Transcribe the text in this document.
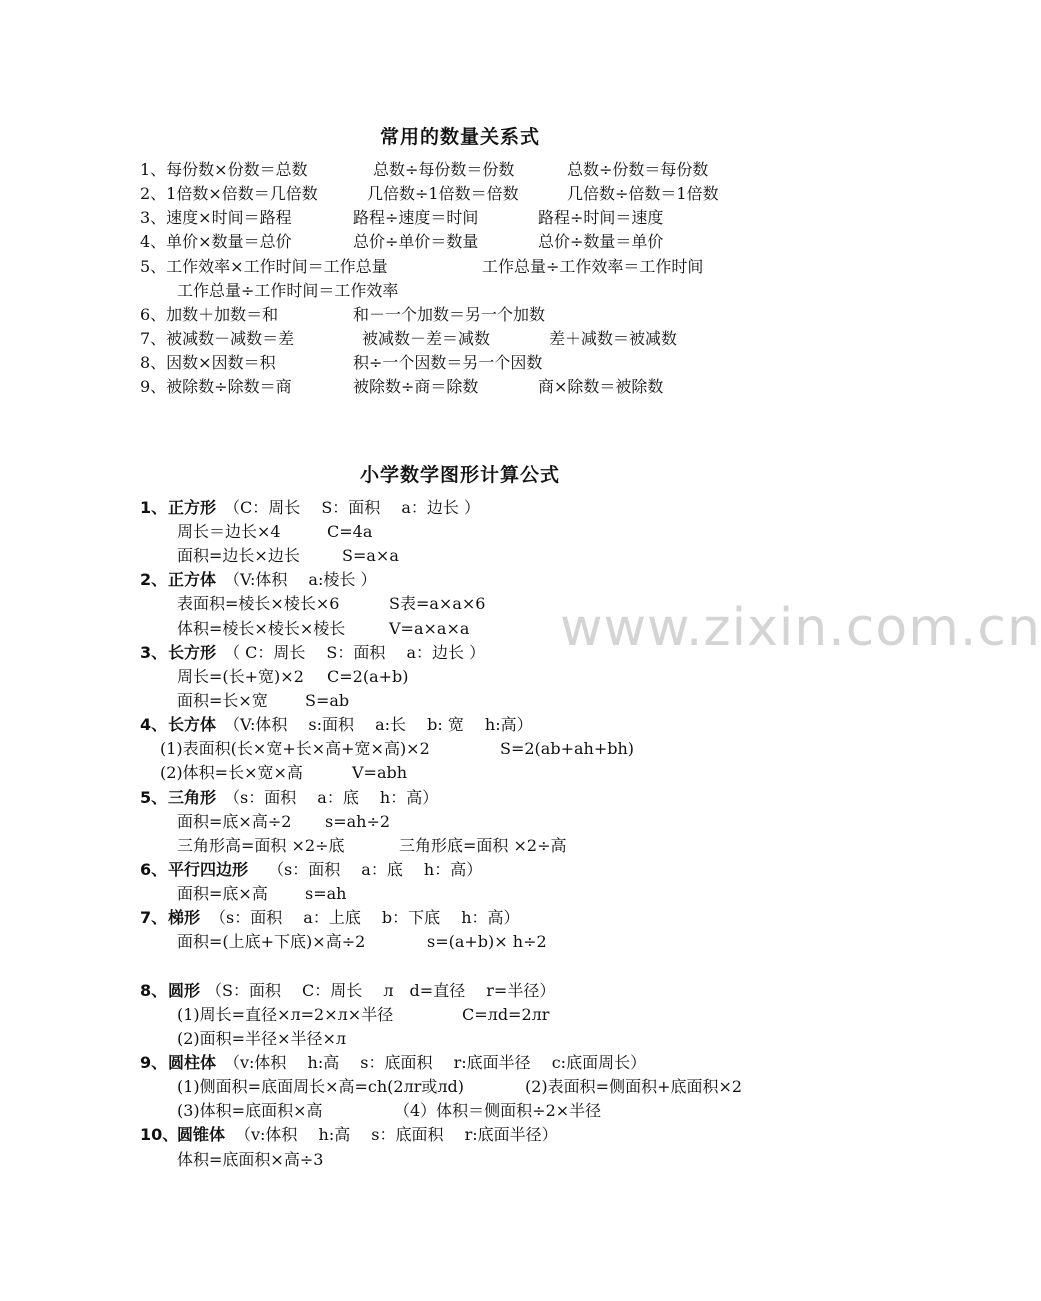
www.zixin.com.cn
常用的数量关系式
1、每份数×份数＝总数	总数÷每份数＝份数	总数÷份数＝每份数
2、1倍数×倍数＝几倍数	几倍数÷1倍数＝倍数	几倍数÷倍数＝1倍数
3、速度×时间＝路程	路程÷速度＝时间	路程÷时间＝速度
4、单价×数量＝总价	总价÷单价＝数量	总价÷数量＝单价
5、工作效率×工作时间＝工作总量	工作总量÷工作效率＝工作时间
工作总量÷工作时间＝工作效率
6、加数＋加数＝和	和－一个加数＝另一个加数
7、被减数－减数＝差	被减数－差＝减数	差＋减数＝被减数
8、因数×因数＝积	积÷一个因数＝另一个因数
9、被除数÷除数＝商	被除数÷商＝除数	商×除数＝被除数
小学数学图形计算公式
1、 正方形 （C：周长　 S：面积　 a：边长 ）
周长＝边长×4	C=4a
面积=边长×边长	S=a×a
2、 正方体 （V:体积　 a:棱长 ）
表面积=棱长×棱长×6	S表=a×a×6
体积=棱长×棱长×棱长	V=a×a×a
3、 长方形 （ C：周长　 S：面积　 a：边长 ）
周长=(长+宽)×2 C=2(a+b)
面积=长×宽 S=ab
4、 长方体 （V:体积　 s:面积　 a:长　 b: 宽　 h:高）
(1)表面积(长×宽+长×高+宽×高)×2	S=2(ab+ah+bh)
(2)体积=长×宽×高	V=abh
5、 三角形 （s：面积　 a：底　 h：高）
面积=底×高÷2 s=ah÷2
三角形高=面积 ×2÷底	三角形底=面积 ×2÷高
6、 平行四边形 （s：面积　 a：底　 h：高）
面积=底×高 s=ah
7、 梯形 （s：面积　 a：上底　 b：下底　 h：高）
面积=(上底+下底)×高÷2	s=(a+b)× h÷2
8、 圆形 （S：面积　 C：周长　 л　d=直径　 r=半径）
(1)周长=直径×л=2×л×半径	C=лd=2лr
(2)面积=半径×半径×л
9、 圆柱体 （v:体积　 h:高　 s：底面积　 r:底面半径　 c:底面周长）
(1)侧面积=底面周长×高=ch(2лr或лd)	(2)表面积=侧面积+底面积×2
(3)体积=底面积×高	（4）体积＝侧面积÷2×半径
10、
圆锥体 （v:体积　 h:高　 s：底面积　 r:底面半径）
体积=底面积×高÷3
